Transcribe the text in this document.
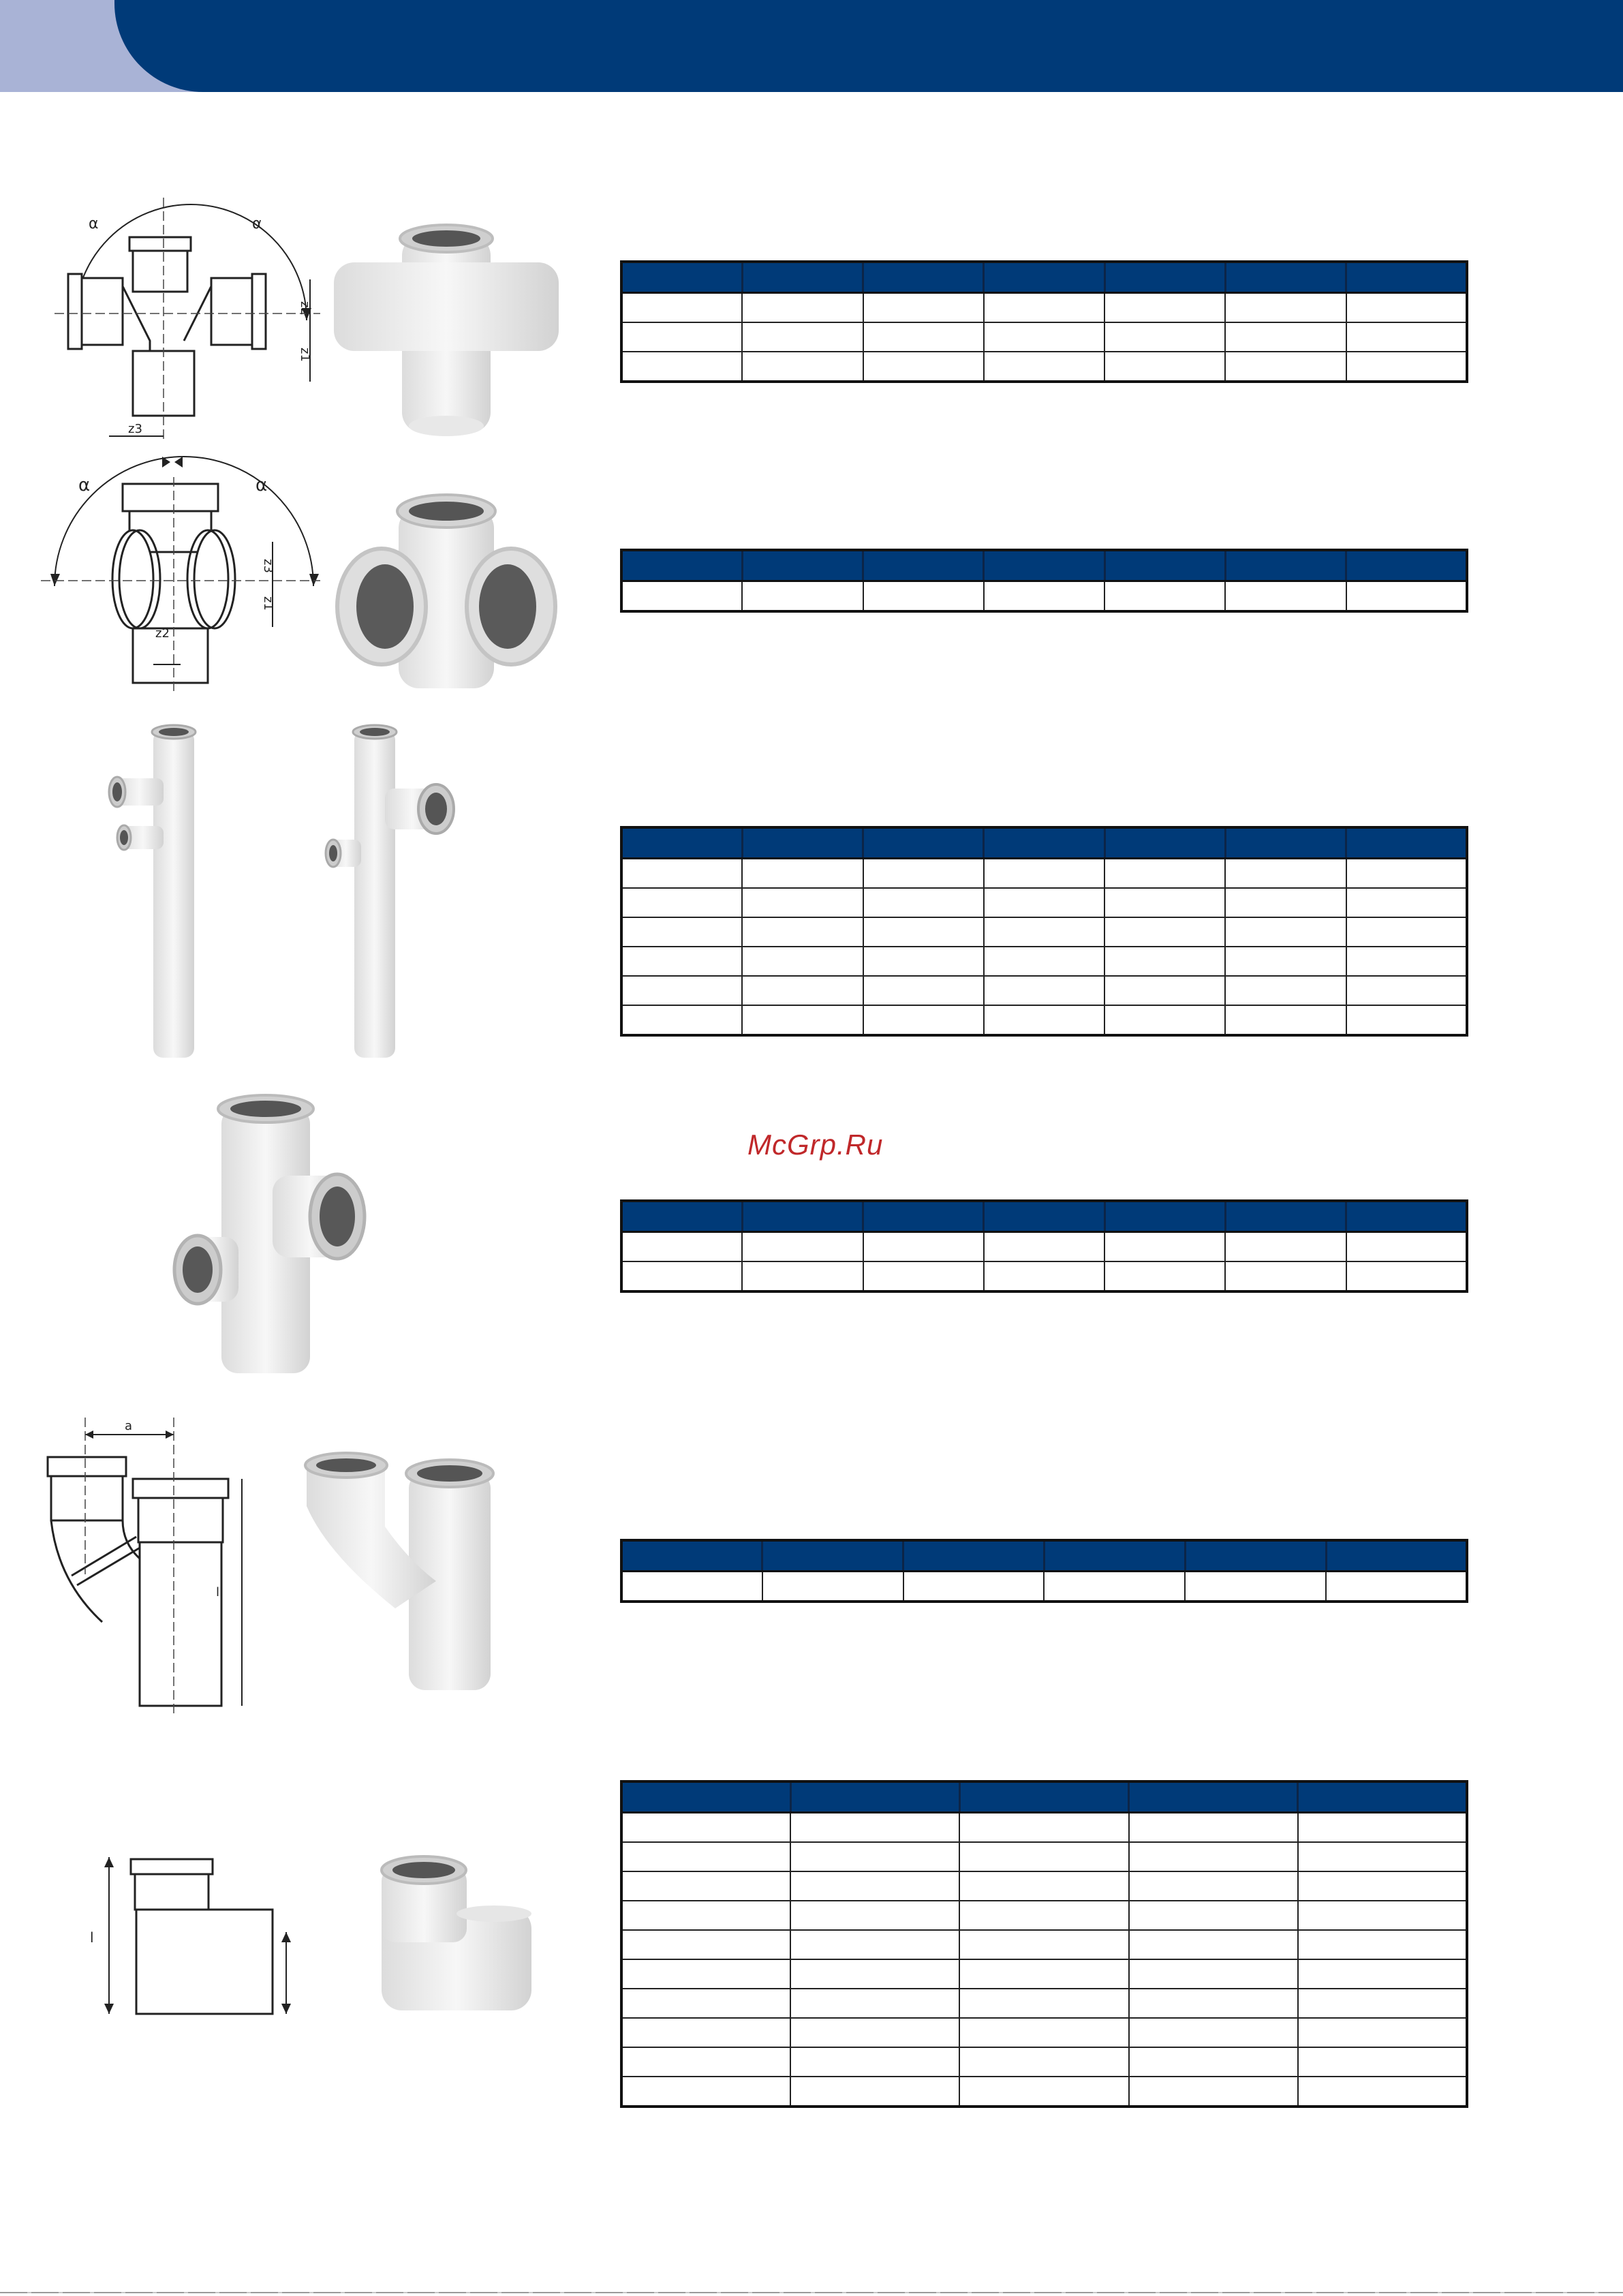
α	α
z2
z1
z3

α	α
z3
z1
z2

McGrp.Ru

a
l

l
